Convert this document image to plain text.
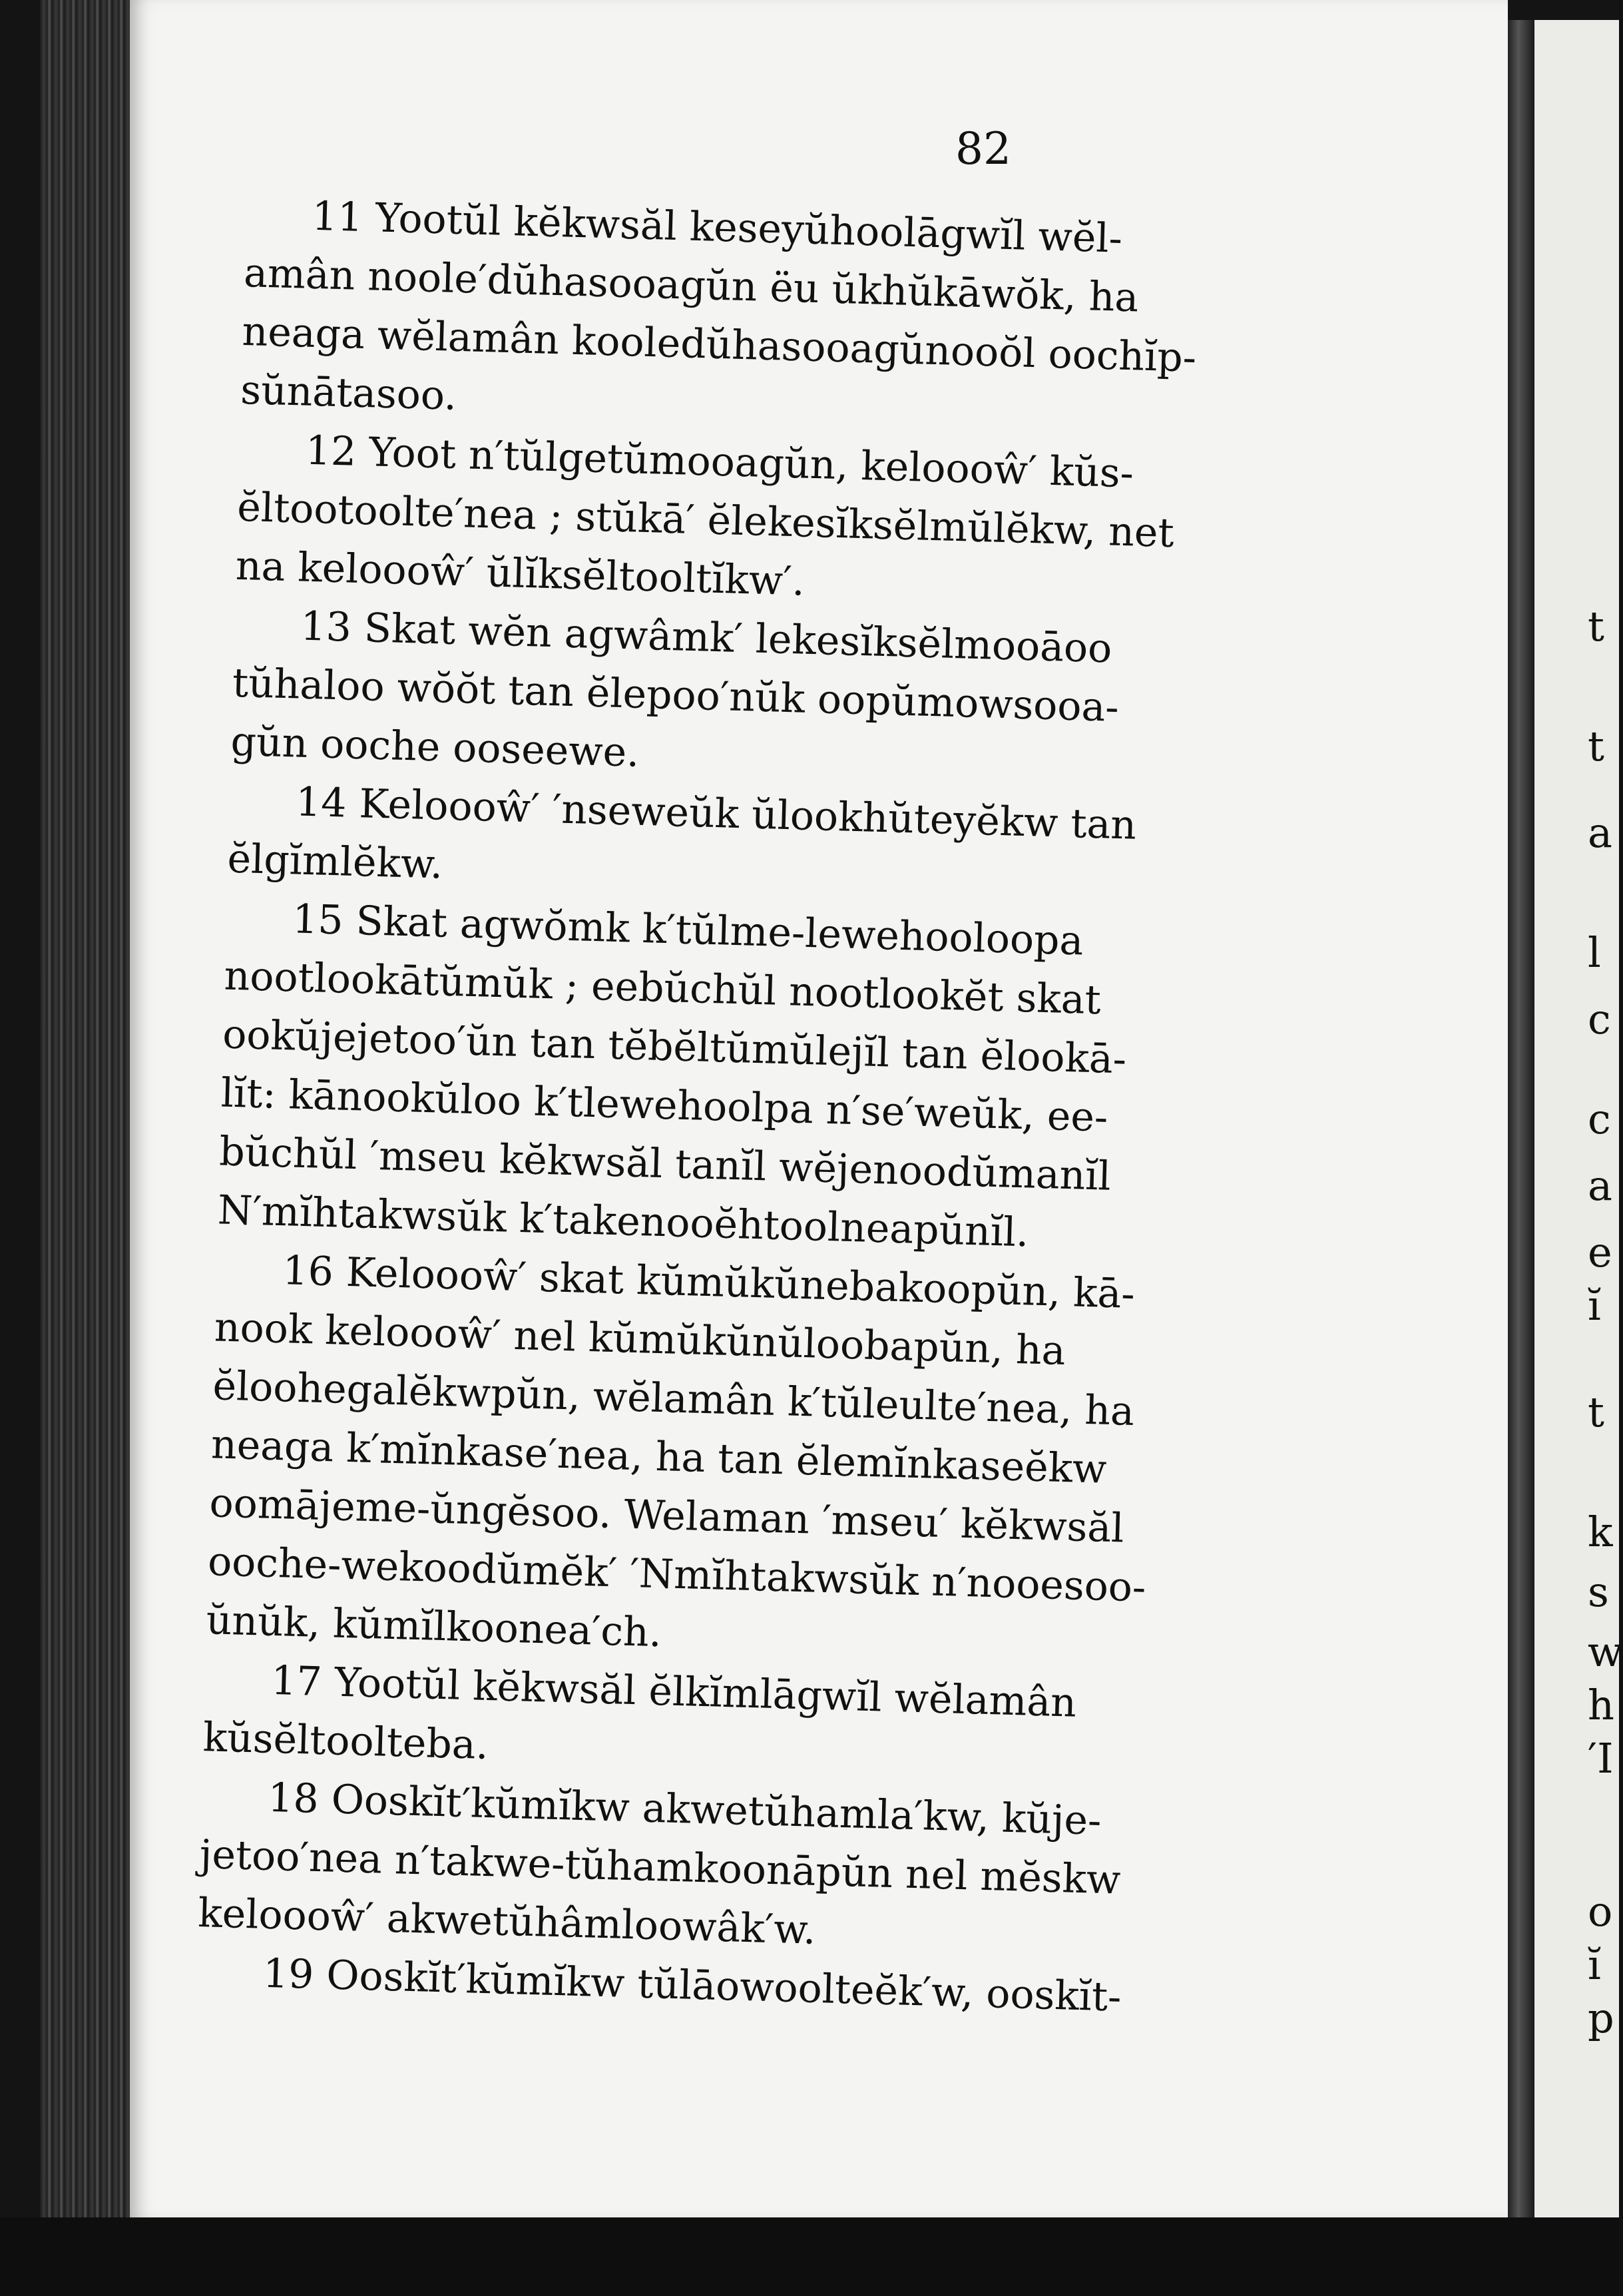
82
11 Yootŭl kĕkwsăl keseyŭhoolāgwĭl wĕl-
amân noole′dŭhasooagŭn ëu ŭkhŭkāwŏk, ha
neaga wĕlamân kooledŭhasooagŭnooŏl oochĭp-
sŭnātasoo.
12 Yoot n′tŭlgetŭmooagŭn, keloooŵ′ kŭs-
ĕltootoolte′nea ; stŭkā′ ĕlekesĭksĕlmŭlĕkw, net
na keloooŵ′ ŭlĭksĕltooltĭkw′.
13 Skat wĕn agwâmk′ lekesĭksĕlmooāoo
tŭhaloo wŏŏt tan ĕlepoo′nŭk oopŭmowsooa-
gŭn ooche ooseewe.
14 Keloooŵ′ ′nseweŭk ŭlookhŭteyĕkw tan
ĕlgĭmlĕkw.
15 Skat agwŏmk k′tŭlme-lewehooloopa
nootlookātŭmŭk ; eebŭchŭl nootlookĕt skat
ookŭjejetoo′ŭn tan tĕbĕltŭmŭlejĭl tan ĕlookā-
lĭt: kānookŭloo k′tlewehoolpa n′se′weŭk, ee-
bŭchŭl ′mseu kĕkwsăl tanĭl wĕjenoodŭmanĭl
N′mĭhtakwsŭk k′takenooĕhtoolneapŭnĭl.
16 Keloooŵ′ skat kŭmŭkŭnebakoopŭn, kā-
nook keloooŵ′ nel kŭmŭkŭnŭloobapŭn, ha
ĕloohegalĕkwpŭn, wĕlamân k′tŭleulte′nea, ha
neaga k′mĭnkase′nea, ha tan ĕlemĭnkaseĕkw
oomājeme-ŭngĕsoo. Welaman ′mseu′ kĕkwsăl
ooche-wekoodŭmĕk′ ′Nmĭhtakwsŭk n′nooesoo-
ŭnŭk, kŭmĭlkoonea′ch.
17 Yootŭl kĕkwsăl ĕlkĭmlāgwĭl wĕlamân
kŭsĕltoolteba.
18 Ooskĭt′kŭmĭkw akwetŭhamla′kw, kŭje-
jetoo′nea n′takwe-tŭhamkoonāpŭn nel mĕskw
keloooŵ′ akwetŭhâmloowâk′w.
19 Ooskĭt′kŭmĭkw tŭlāowoolteĕk′w, ooskĭt-
t
t
a
l
c
c
a
e
ĭ
t
k
s
w
h
′I
o
ĭ
p
